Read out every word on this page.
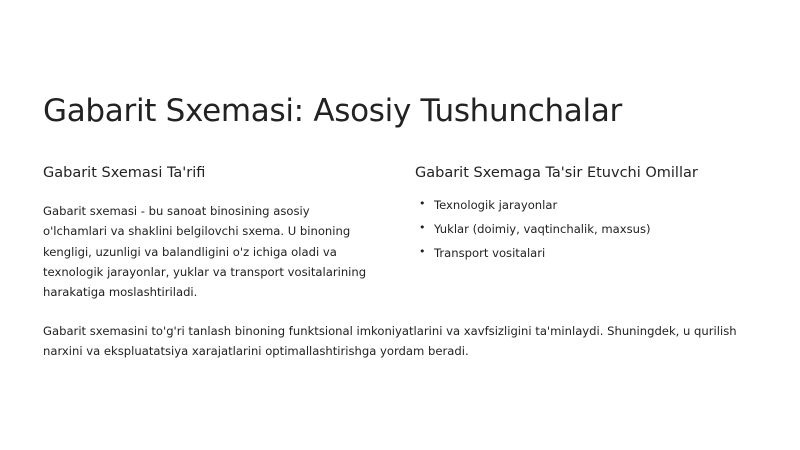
Gabarit Sxemasi: Asosiy Tushunchalar
Gabarit Sxemasi Ta'rifi

Gabarit sxemasi - bu sanoat binosining asosiy o'lchamlari va shaklini belgilovchi sxema. U binoning kengligi, uzunligi va balandligini o'z ichiga oladi va texnologik jarayonlar, yuklar va transport vositalarining harakatiga moslashtiriladi.

Gabarit Sxemaga Ta'sir Etuvchi Omillar
• Texnologik jarayonlar
• Yuklar (doimiy, vaqtinchalik, maxsus)
• Transport vositalari

Gabarit sxemasini to'g'ri tanlash binoning funktsional imkoniyatlarini va xavfsizligini ta'minlaydi. Shuningdek, u qurilish narxini va ekspluatatsiya xarajatlarini optimallashtirishga yordam beradi.
